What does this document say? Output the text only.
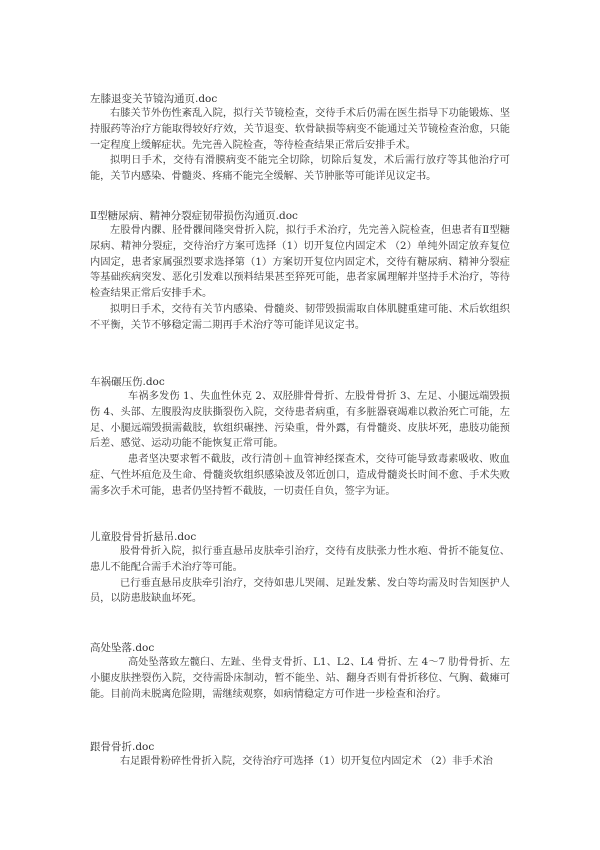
左膝退变关节镜沟通页.doc

右膝关节外伤性紊乱入院，拟行关节镜检查，交待手术后仍需在医生指导下功能锻炼、坚持服药等治疗方能取得较好疗效，关节退变、软骨缺损等病变不能通过关节镜检查治愈，只能一定程度上缓解症状。先完善入院检查，等待检查结果正常后安排手术。

拟明日手术，交待有滑膜病变不能完全切除，切除后复发，术后需行放疗等其他治疗可能，关节内感染、骨髓炎、疼痛不能完全缓解、关节肿胀等可能详见议定书。

Ⅱ型糖尿病、精神分裂症韧带损伤沟通页.doc

左股骨内髁、胫骨髁间隆突骨折入院，拟行手术治疗，先完善入院检查，但患者有Ⅱ型糖尿病、精神分裂症，交待治疗方案可选择（1）切开复位内固定术 （2）单纯外固定放弃复位内固定，患者家属强烈要求选择第（1）方案切开复位内固定术，交待有糖尿病、精神分裂症等基础疾病突发、恶化引发难以预料结果甚至猝死可能，患者家属理解并坚持手术治疗，等待检查结果正常后安排手术。

拟明日手术，交待有关节内感染、骨髓炎、韧带毁损需取自体肌腱重建可能、术后软组织不平衡，关节不够稳定需二期再手术治疗等可能详见议定书。

车祸碾压伤.doc

车祸多发伤 1、失血性休克 2、双胫腓骨骨折、左股骨骨折 3、左足、小腿远端毁损伤 4、头部、左腹股沟皮肤撕裂伤入院，交待患者病重，有多脏器衰竭难以救治死亡可能，左足、小腿远端毁损需截肢，软组织碾挫、污染重，骨外露，有骨髓炎、皮肤坏死，患肢功能预后差、感觉、运动功能不能恢复正常可能。

患者坚决要求暂不截肢，改行清创＋血管神经探查术，交待可能导致毒素吸收、败血症、气性坏疽危及生命、骨髓炎软组织感染波及邻近创口，造成骨髓炎长时间不愈、手术失败需多次手术可能，患者仍坚持暂不截肢，一切责任自负，签字为证。

儿童股骨骨折悬吊.doc

股骨骨折入院，拟行垂直悬吊皮肤牵引治疗，交待有皮肤张力性水疱、骨折不能复位、患儿不能配合需手术治疗等可能。

已行垂直悬吊皮肤牵引治疗，交待如患儿哭闹、足趾发紫、发白等均需及时告知医护人员，以防患肢缺血坏死。

高处坠落.doc

高处坠落致左髋臼、左趾、坐骨支骨折、L1、L2、L4 骨折、左 4～7 肋骨骨折、左小腿皮肤挫裂伤入院，交待需卧床制动，暂不能坐、站、翻身否则有骨折移位、气胸、截瘫可能。目前尚未脱离危险期，需继续观察，如病情稳定方可作进一步检查和治疗。

跟骨骨折.doc

右足跟骨粉碎性骨折入院，交待治疗可选择（1）切开复位内固定术 （2）非手术治
